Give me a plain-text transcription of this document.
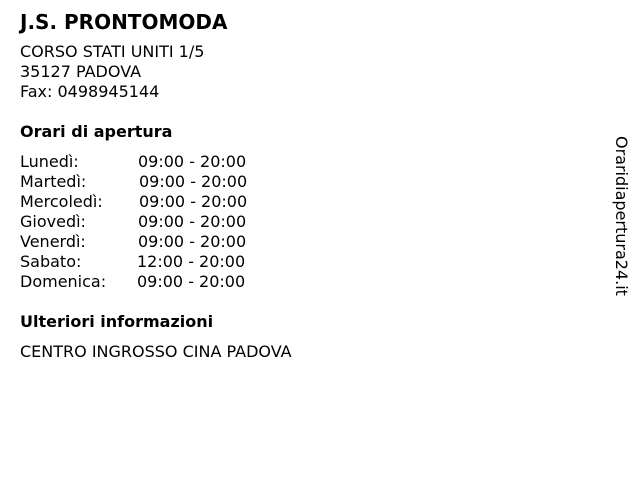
J.S. PRONTOMODA
CORSO STATI UNITI 1/5
35127 PADOVA
Fax: 0498945144
Orari di apertura
Lunedì:	09:00 - 20:00
Martedì:	09:00 - 20:00
Mercoledì: 09:00 - 20:00
Giovedì:	09:00 - 20:00
Venerdì:	09:00 - 20:00
Sabato:	12:00 - 20:00
Domenica: 09:00 - 20:00
Ulteriori informazioni
CENTRO INGROSSO CINA PADOVA
Oraridiapertura24.it
